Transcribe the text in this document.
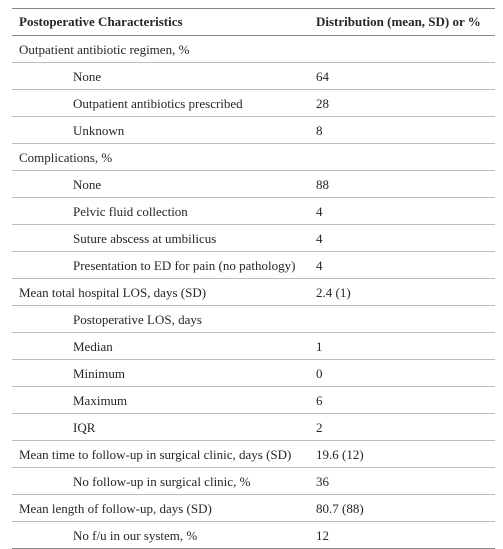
Postoperative Characteristics	Distribution (mean, SD) or %
Outpatient antibiotic regimen, %
None	64
Outpatient antibiotics prescribed	28
Unknown	8
Complications, %
None	88
Pelvic fluid collection	4
Suture abscess at umbilicus	4
Presentation to ED for pain (no pathology) 4
Mean total hospital LOS, days (SD)	2.4 (1)
Postoperative LOS, days
Median	1
Minimum	0
Maximum	6
IQR	2
Mean time to follow-up in surgical clinic, days (SD) 19.6 (12)
No follow-up in surgical clinic, %	36
Mean length of follow-up, days (SD)	80.7 (88)
No f/u in our system, %	12
